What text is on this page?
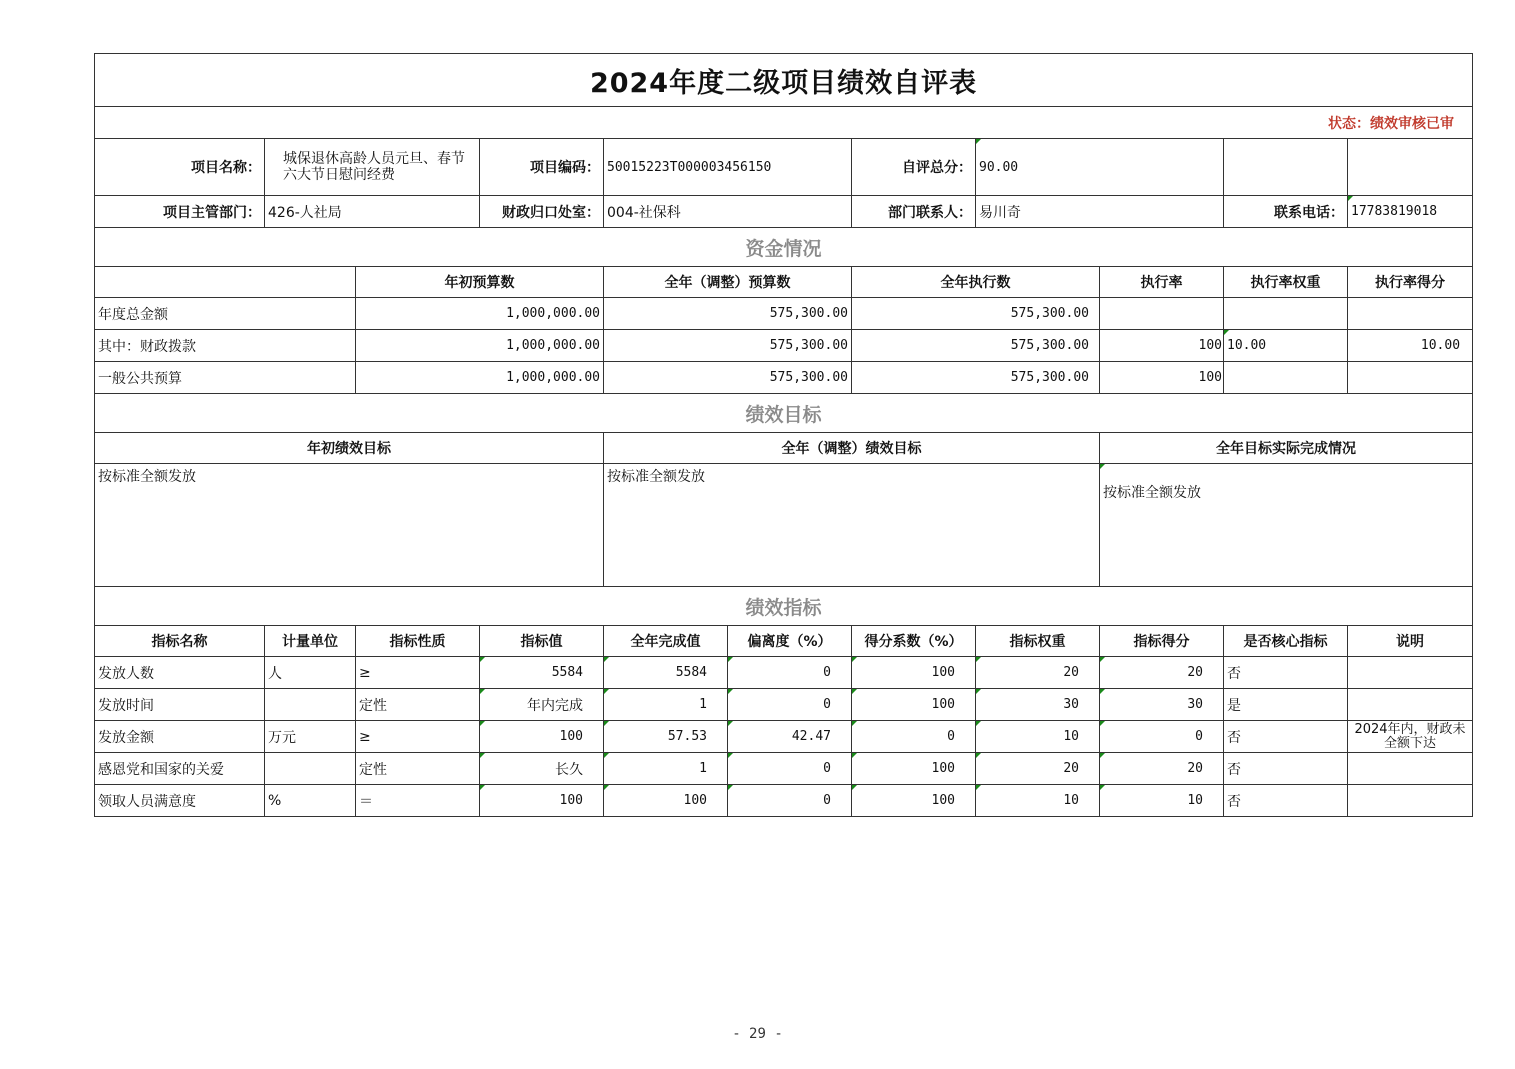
2024年度二级项目绩效自评表										
状态：绩效审核已审										
项目名称：	城保退休高龄人员元旦、春节六大节日慰问经费		项目编码：	50015223T000003456150		自评总分：	90.00			
项目主管部门：	426-人社局		财政归口处室：	004-社保科		部门联系人：	易川奇		联系电话：	17783819018
资金情况										
		年初预算数		全年（调整）预算数		全年执行数		执行率	执行率权重	执行率得分
年度总金额		1,000,000.00		575,300.00		575,300.00				
其中：财政拨款		1,000,000.00		575,300.00		575,300.00		100	10.00	10.00
一般公共预算		1,000,000.00		575,300.00		575,300.00		100		
绩效目标										
年初绩效目标				全年（调整）绩效目标				全年目标实际完成情况		
按标准全额发放				按标准全额发放				按标准全额发放		
绩效指标										
指标名称	计量单位	指标性质	指标值	全年完成值	偏离度（%）	得分系数（%）	指标权重	指标得分	是否核心指标	说明
发放人数	人	≥	5584	5584	0	100	20	20	否	
发放时间		定性	年内完成	1	0	100	30	30	是	
发放金额	万元	≥	100	57.53	42.47	0	10	0	否	2024年内，财政未全额下达
感恩党和国家的关爱		定性	长久	1	0	100	20	20	否	
领取人员满意度	%	＝	100	100	0	100	10	10	否	
- 29 -
